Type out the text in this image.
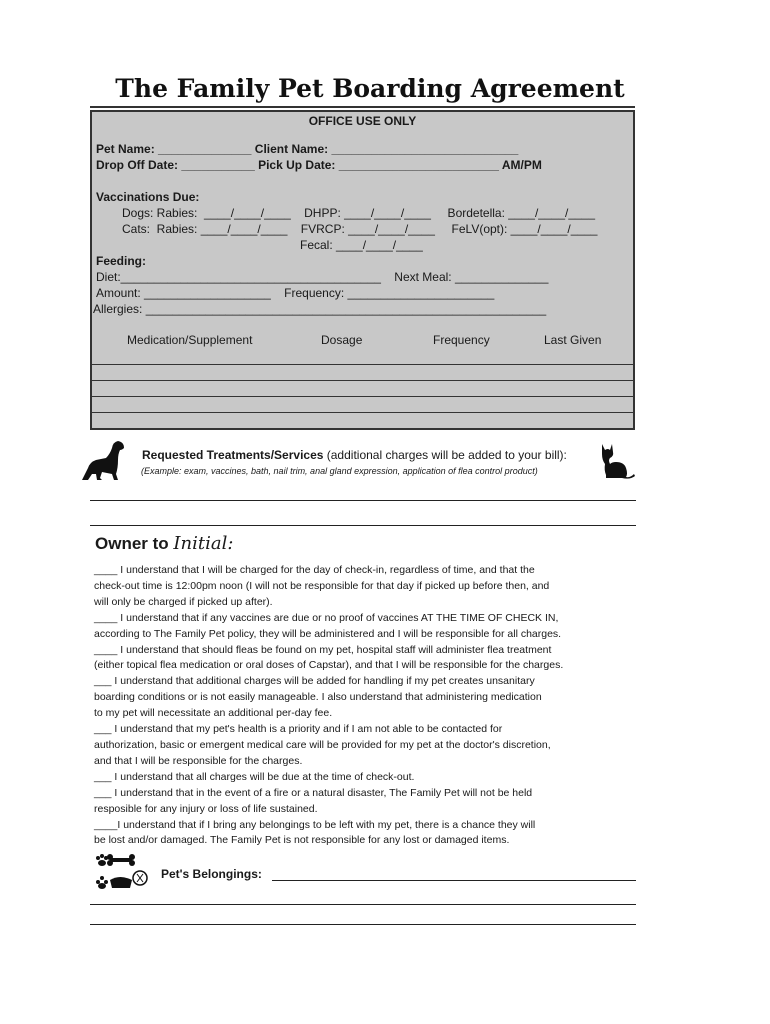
The Family Pet Boarding Agreement
OFFICE USE ONLY
Pet Name: ______________ Client Name: ____________________________
Drop Off Date: ___________ Pick Up Date: ________________________ AM/PM
Vaccinations Due:
Dogs: Rabies:  ____/____/____    DHPP: ____/____/____     Bordetella: ____/____/____
Cats:  Rabies: ____/____/____    FVRCP: ____/____/____     FeLV(opt): ____/____/____
Fecal: ____/____/____
Feeding:
Diet:_______________________________________    Next Meal: ______________
Amount: ___________________    Frequency: ______________________
Allergies: ____________________________________________________________
Medication/Supplement	Dosage	Frequency	Last Given
Requested Treatments/Services (additional charges will be added to your bill):
(Example: exam, vaccines, bath, nail trim, anal gland expression, application of flea control product)
Owner to Initial:
____ I understand that I will be charged for the day of check-in, regardless of time, and that the
check-out time is 12:00pm noon (I will not be responsible for that day if picked up before then, and
will only be charged if picked up after).
____ I understand that if any vaccines are due or no proof of vaccines AT THE TIME OF CHECK IN,
according to The Family Pet policy, they will be administered and I will be responsible for all charges.
____ I understand that should fleas be found on my pet, hospital staff will administer flea treatment
(either topical flea medication or oral doses of Capstar), and that I will be responsible for the charges.
___ I understand that additional charges will be added for handling if my pet creates unsanitary
boarding conditions or is not easily manageable. I also understand that administering medication
to my pet will necessitate an additional per-day fee.
___ I understand that my pet's health is a priority and if I am not able to be contacted for
authorization, basic or emergent medical care will be provided for my pet at the doctor's discretion,
and that I will be responsible for the charges.
___ I understand that all charges will be due at the time of check-out.
___ I understand that in the event of a fire or a natural disaster, The Family Pet will not be held
resposible for any injury or loss of life sustained.
____I understand that if I bring any belongings to be left with my pet, there is a chance they will
be lost and/or damaged. The Family Pet is not responsible for any lost or damaged items.
Pet's Belongings:
